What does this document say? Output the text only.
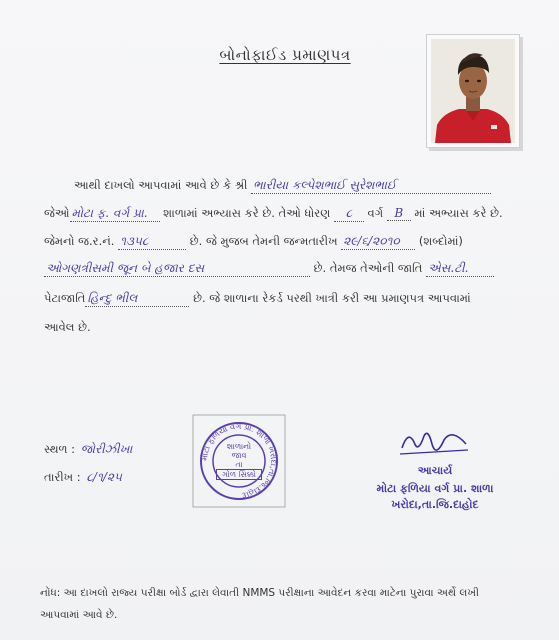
બોનોફાઈડ પ્રમાણપત્ર
આથી દાખલો આપવામાં આવે છે કે શ્રી ભારીયા કલ્પેશભાઈ સુરેશભાઈ
જેઓ મોટા ફ. વર્ગ પ્રા. શાળામાં અભ્યાસ કરે છે. તેઓ ધોરણ ૮ વર્ગ B માં અભ્યાસ કરે છે.
જેમનો જ.ર.નં. ૧૩૫૮	છે. જે મુજબ તેમની જન્મતારીખ ૨૯/૬/૨૦૧૦ (શબ્દોમાં)
ઓગણત્રીસમી જૂન બે હજાર દસ	છે. તેમજ તેઓની જાતિ એસ.ટી.
પેટાજાતિ હિન્દુ ભીલ	છે. જે શાળાના રેકર્ડ પરથી ખાત્રી કરી આ પ્રમાણપત્ર આપવામાં
આવેલ છે.
સ્થળ : જોરીઝીખા
તારીખ : ૮/૧/૨૫
મોટા ફળિયા વર્ગ પ્રા. શાળા ખરોદા,તા.જિ.દાહોદ
શાળાનો
જાવ
તા
ગોળ સિક્કો	આચાર્ય
મોટા ફળિયા વર્ગ પ્રા. શાળા
ખરોદા,તા.જિ.દાહોદ
નોંધ: આ દાખલો રાજ્ય પરીક્ષા બોર્ડ દ્વારા લેવાતી NMMS પરીક્ષાના આવેદન કરવા માટેના પુરાવા અર્થે લખી આપવામાં આવે છે.
